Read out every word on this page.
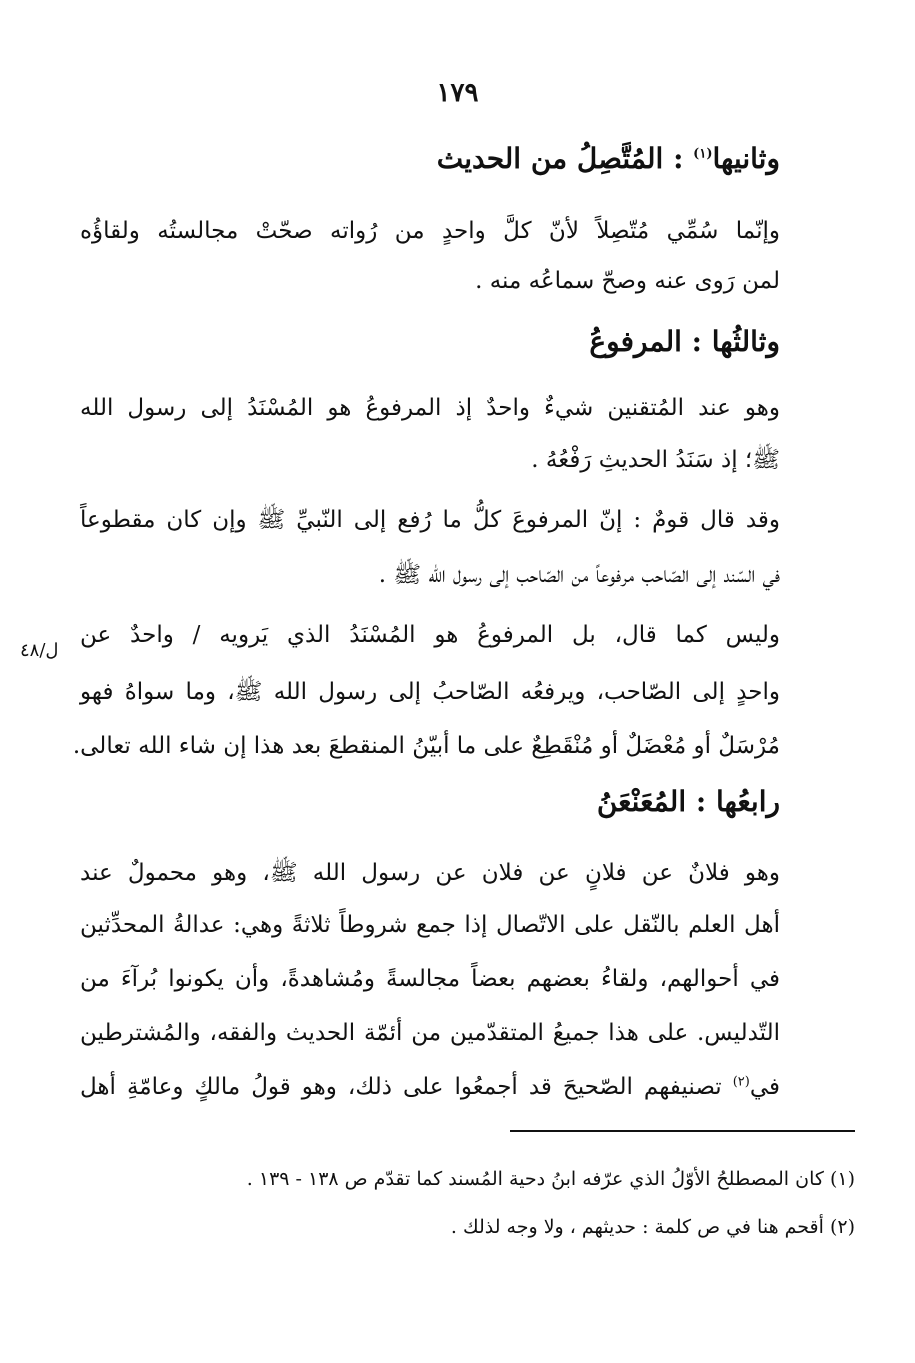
١٧٩
وثانيها$^{(١)}$ : المُتَّصِلُ من الحديث
وإنّما سُمِّي مُتّصِلاً لأنّ كلَّ واحدٍ من رُواته صحّتْ مجالستُه ولقاؤُه
لمن رَوى عنه وصحّ سماعُه منه .
وثالثُها : المرفوعُ
وهو عند المُتقنين شيءٌ واحدٌ إذ المرفوعُ هو المُسْنَدُ إلى رسول الله
ﷺ؛ إذ سَنَدُ الحديثِ رَفْعُهُ .
وقد قال قومٌ : إنّ المرفوعَ كلُّ ما رُفع إلى النّبيِّ ﷺ وإن كان مقطوعاً
في السّند إلى الصّاحب مرفوعاً من الصّاحب إلى رسول الله ﷺ .
وليس كما قال، بل المرفوعُ هو المُسْنَدُ الذي يَرويه / واحدٌ عن
ل/٤٨
واحدٍ إلى الصّاحب، ويرفعُه الصّاحبُ إلى رسول الله ﷺ، وما سواهُ فهو
مُرْسَلٌ أو مُعْضَلٌ أو مُنْقَطِعٌ على ما أبيّنُ المنقطعَ بعد هذا إن شاء الله تعالى.
رابعُها : المُعَنْعَنُ
وهو فلانٌ عن فلانٍ عن فلان عن رسول الله ﷺ، وهو محمولٌ عند
أهل العلم بالنّقل على الاتّصال إذا جمع شروطاً ثلاثةً وهي: عدالةُ المحدِّثين
في أحوالهم، ولقاءُ بعضهم بعضاً مجالسةً ومُشاهدةً، وأن يكونوا بُرآءَ من
التّدليس. على هذا جميعُ المتقدّمين من أئمّة الحديث والفقه، والمُشترطين
في$^{(٢)}$ تصنيفهم الصّحيحَ قد أجمعُوا على ذلك، وهو قولُ مالكٍ وعامّةِ أهل
(١) كان المصطلحُ الأوّلُ الذي عرّفه ابنُ دحية المُسند كما تقدّم ص ١٣٨ - ١٣٩ .
(٢) أقحم هنا في ص كلمة : حديثهم ، ولا وجه لذلك .
